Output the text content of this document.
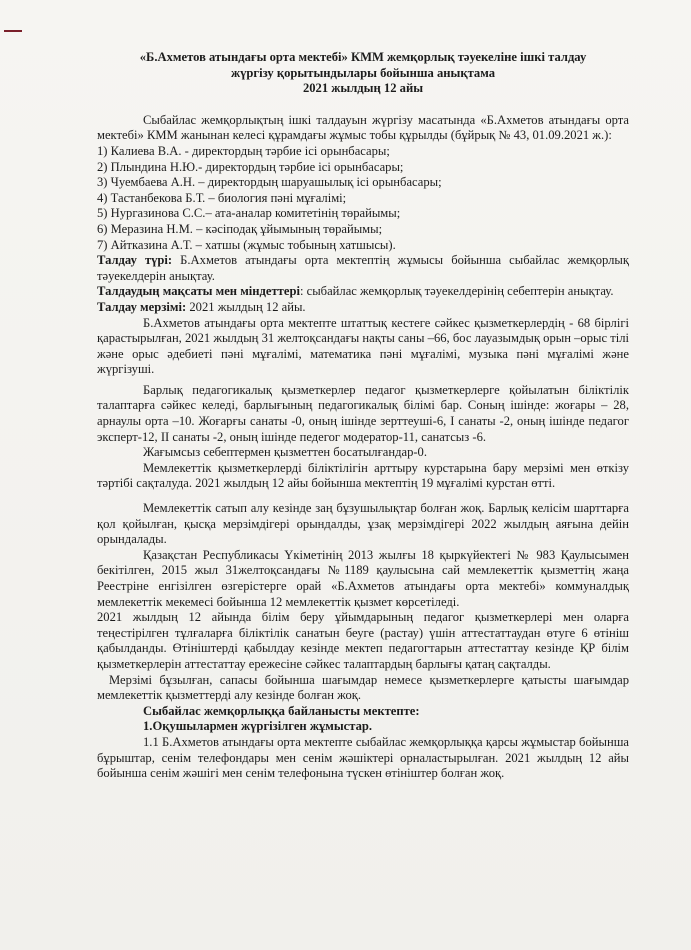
«Б.Ахметов атындағы орта мектебі» КММ жемқорлық тәуекеліне ішкі талдау

жүргізу қорытындылары бойынша анықтама

2021 жылдың 12 айы

Сыбайлас жемқорлықтың ішкі талдауын жүргізу масатында «Б.Ахметов атындағы орта мектебі» КММ жанынан келесі құрамдағы жұмыс тобы құрылды (бұйрық № 43, 01.09.2021 ж.):

1) Калиева В.А. - директордың тәрбие ісі орынбасары;
2) Плындина Н.Ю.- директордың тәрбие ісі орынбасары;
3) Чуембаева А.Н. – директордың шаруашылық ісі орынбасары;
4) Тастанбекова Б.Т. – биология пәні мұғалімі;
5) Нургазинова С.С.– ата-аналар комитетінің төрайымы;
6) Меразина Н.М. – кәсіподақ ұйымының төрайымы;
7) Айтказина А.Т. – хатшы (жұмыс тобының хатшысы).

Талдау түрі: Б.Ахметов атындағы орта мектептің жұмысы бойынша сыбайлас жемқорлық тәуекелдерін анықтау.

Талдаудың мақсаты мен міндеттері: сыбайлас жемқорлық тәуекелдерінің себептерін анықтау.

Талдау мерзімі: 2021 жылдың 12 айы.

Б.Ахметов атындағы орта мектепте штаттық кестеге сәйкес қызметкерлердің - 68 бірлігі қарастырылған, 2021 жылдың 31 желтоқсандағы нақты саны –66, бос лауазымдық орын –орыс тілі және орыс әдебиеті пәні мұғалімі, математика пәні мұғалімі, музыка пәні мұғалімі және жүргізуші.

Барлық педагогикалық қызметкерлер педагог қызметкерлерге қойылатын біліктілік талаптарға сәйкес келеді, барлығының педагогикалық білімі бар. Соның ішінде: жоғары – 28, арнаулы орта –10. Жоғарғы санаты -0, оның ішінде зерттеуші-6, I санаты -2, оның ішінде педагог эксперт-12, II санаты -2, оның ішінде педегог модератор-11, санатсыз -6.

Жағымсыз себептермен қызметтен босатылғандар-0.

Мемлекеттік қызметкерлерді біліктілігін арттыру курстарына бару мерзімі мен өткізу тәртібі сақталуда. 2021 жылдың 12 айы бойынша мектептің 19 мұғалімі курстан өтті.

Мемлекеттік сатып алу кезінде заң бұзушылықтар болған жоқ. Барлық келісім шарттарға қол қойылған, қысқа мерзімдігері орындалды, ұзақ мерзімдігері 2022 жылдың аяғына дейін орындалады.

Қазақстан Республикасы Үкіметінің 2013 жылғы 18 қыркүйектегі № 983 Қаулысымен бекітілген, 2015 жыл 31желтоқсандағы №1189 қаулысына сай мемлекеттік қызметтің жаңа Реестріне енгізілген өзгерістерге орай «Б.Ахметов атындағы орта мектебі» коммуналдық мемлекеттік мекемесі бойынша 12 мемлекеттік қызмет көрсетіледі.

2021 жылдың 12 айында білім беру ұйымдарының педагог қызметкерлері мен оларға теңестірілген тұлғаларға біліктілік санатын беуге (растау) үшін аттестаттаудан өтуге 6 өтініш қабылданды. Өтініштерді қабылдау кезінде мектеп педагогтарын аттестаттау кезінде ҚР білім қызметкерлерін аттестаттау ережесіне сәйкес талаптардың барлығы қатаң сақталды.

Мерзімі бұзылған, сапасы бойынша шағымдар немесе қызметкерлерге қатысты шағымдар мемлекеттік қызметтерді алу кезінде болған жоқ.

Сыбайлас жемқорлыққа байланысты мектепте:

1.Оқушылармен жүргізілген жұмыстар.

1.1 Б.Ахметов атындағы орта мектепте сыбайлас жемқорлыққа қарсы жұмыстар бойынша бұрыштар, сенім телефондары мен сенім жәшіктері орналастырылған. 2021 жылдың 12 айы бойынша сенім жәшігі мен сенім телефонына түскен өтініштер болған жоқ.
